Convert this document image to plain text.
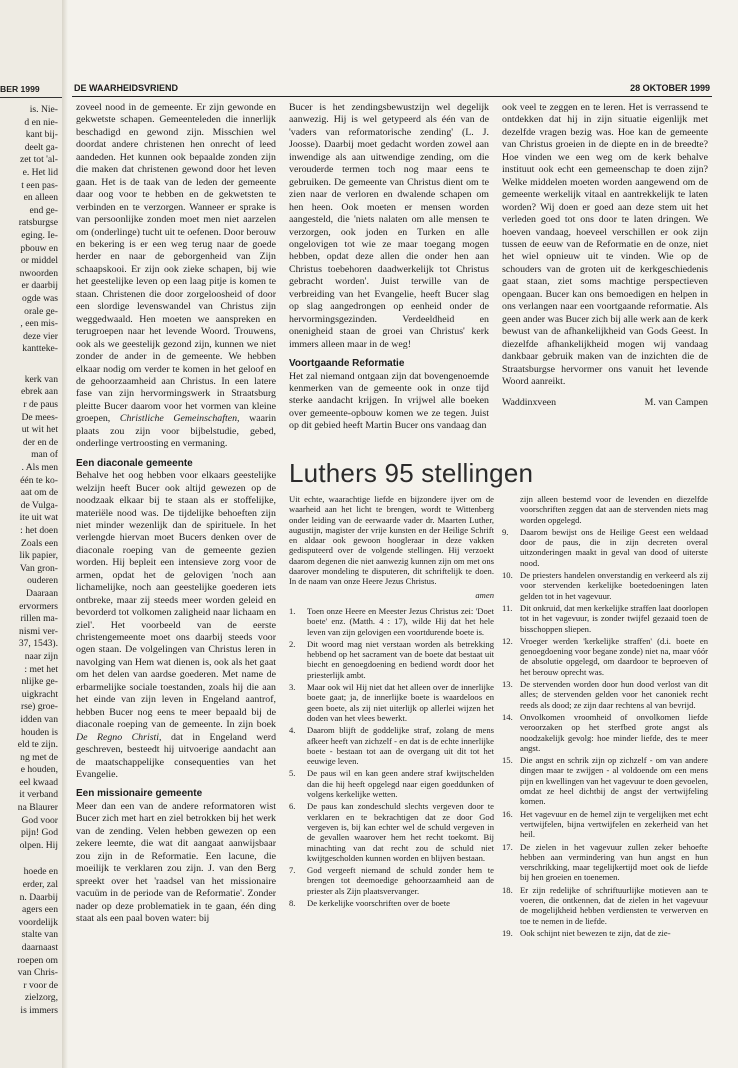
BER 1999

is. Nie-

d en nie-

kant bij-

deelt ga-

zet tot 'al-

e. Het lid

t een pas-

en alleen

end ge-

ratsburgse

eging. Ie-

pbouw en

or middel

nwoorden

er daarbij

ogde was

orale ge-

, een mis-

deze vier

kantteke-

kerk van

ebrek aan

r de paus

De mees-

ut wit het

der en de

man of

. Als men

één te ko-

aat om de

de Vulga-

ite uit wat

: het doen

Zoals een

lik papier,

Van gron-

ouderen

Daaraan

ervormers

rillen ma-

nismi ver-

37, 1543).

naar zijn

: met het

nlijke ge-

uigkracht

rse) groe-

idden van

houden is

eld te zijn.

ng met de

e houden,

eel kwaad

it verband

na Blaurer

God voor

pijn! God

olpen. Hij

hoede en

erder, zal

n. Daarbij

agers een

voordelijk

stalte van

daarnaast

roepen om

van Chris-

r voor de

zielzorg,

is immers

DE WAARHEIDSVRIEND	28 OKTOBER 1999

zoveel nood in de gemeente. Er zijn gewonde en gekwetste schapen. Gemeenteleden die innerlijk beschadigd en gewond zijn. Misschien wel doordat andere christenen hen onrecht of leed aandeden. Het kunnen ook bepaalde zonden zijn die maken dat christenen gewond door het leven gaan. Het is de taak van de leden der gemeente daar oog voor te hebben en de gekwetsten te verbinden en te verzorgen. Wanneer er sprake is van persoonlijke zonden moet men niet aarzelen om (onderlinge) tucht uit te oefenen. Door berouw en bekering is er een weg terug naar de goede herder en naar de geborgenheid van Zijn schaapskooi. Er zijn ook zieke schapen, bij wie het geestelijke leven op een laag pitje is komen te staan. Christenen die door zorgeloosheid of door een slordige levenswandel van Christus zijn weggedwaald. Hen moeten we aanspreken en terugroepen naar het levende Woord. Trouwens, ook als we geestelijk gezond zijn, kunnen we niet zonder de ander in de gemeente. We hebben elkaar nodig om verder te komen in het geloof en de gehoorzaamheid aan Christus. In een latere fase van zijn hervormingswerk in Straatsburg pleitte Bucer daarom voor het vormen van kleine groepen, Christliche Gemeinschaften, waarin plaats zou zijn voor bijbelstudie, gebed, onderlinge vertroosting en vermaning.

Een diaconale gemeente

Behalve het oog hebben voor elkaars geestelijke welzijn heeft Bucer ook altijd gewezen op de noodzaak elkaar bij te staan als er stoffelijke, materiële nood was. De tijdelijke behoeften zijn niet minder wezenlijk dan de spirituele. In het verlengde hiervan moet Bucers denken over de diaconale roeping van de gemeente gezien worden. Hij bepleit een intensieve zorg voor de armen, opdat het de gelovigen 'noch aan lichamelijke, noch aan geestelijke goederen iets ontbreke, maar zij steeds meer worden geleid en bevorderd tot volkomen zaligheid naar lichaam en ziel'. Het voorbeeld van de eerste christengemeente moet ons daarbij steeds voor ogen staan. De volgelingen van Christus leren in navolging van Hem wat dienen is, ook als het gaat om het delen van aardse goederen. Met name de erbarmelijke sociale toestanden, zoals hij die aan het einde van zijn leven in Engeland aantrof, hebben Bucer nog eens te meer bepaald bij de diaconale roeping van de gemeente. In zijn boek De Regno Christi, dat in Engeland werd geschreven, besteedt hij uitvoerige aandacht aan de maatschappelijke consequenties van het Evangelie.

Een missionaire gemeente

Meer dan een van de andere reformatoren wist Bucer zich met hart en ziel betrokken bij het werk van de zending. Velen hebben gewezen op een zekere leemte, die wat dit aangaat aanwijsbaar zou zijn in de Reformatie. Een lacune, die moeilijk te verklaren zou zijn. J. van den Berg spreekt over het 'raadsel van het missionaire vacuüm in de periode van de Reformatie'. Zonder nader op deze problematiek in te gaan, één ding staat als een paal boven water: bij

Bucer is het zendingsbewustzijn wel degelijk aanwezig. Hij is wel getypeerd als één van de 'vaders van reformatorische zending' (L. J. Joosse). Daarbij moet gedacht worden zowel aan inwendige als aan uitwendige zending, om die verouderde termen toch nog maar eens te gebruiken. De gemeente van Christus dient om te zien naar de verloren en dwalende schapen om hen heen. Ook moeten er mensen worden aangesteld, die 'niets nalaten om alle mensen te verzorgen, ook joden en Turken en alle ongelovigen tot wie ze maar toegang mogen hebben, opdat deze allen die onder hen aan Christus toebehoren daadwerkelijk tot Christus gebracht worden'. Juist terwille van de verbreiding van het Evangelie, heeft Bucer slag op slag aangedrongen op eenheid onder de hervormingsgezinden. Verdeeldheid en onenigheid staan de groei van Christus' kerk immers alleen maar in de weg!

Voortgaande Reformatie

Het zal niemand ontgaan zijn dat bovengenoemde kenmerken van de gemeente ook in onze tijd sterke aandacht krijgen. In vrijwel alle boeken over gemeente-opbouw komen we ze tegen. Juist op dit gebied heeft Martin Bucer ons vandaag dan

ook veel te zeggen en te leren. Het is verrassend te ontdekken dat hij in zijn situatie eigenlijk met dezelfde vragen bezig was. Hoe kan de gemeente van Christus groeien in de diepte en in de breedte? Hoe vinden we een weg om de kerk behalve instituut ook echt een gemeenschap te doen zijn? Welke middelen moeten worden aangewend om de gemeente werkelijk vitaal en aantrekkelijk te laten worden? Wij doen er goed aan deze stem uit het verleden goed tot ons door te laten dringen. We hoeven vandaag, hoeveel verschillen er ook zijn tussen de eeuw van de Reformatie en de onze, niet het wiel opnieuw uit te vinden. Wie op de schouders van de groten uit de kerkgeschiedenis gaat staan, ziet soms machtige perspectieven opengaan. Bucer kan ons bemoedigen en helpen in ons verlangen naar een voortgaande reformatie. Als geen ander was Bucer zich bij alle werk aan de kerk bewust van de afhankelijkheid van Gods Geest. In diezelfde afhankelijkheid mogen wij vandaag dankbaar gebruik maken van de inzichten die de Straatsburgse hervormer ons vanuit het levende Woord aanreikt.

Waddinxveen	M. van Campen
Luthers 95 stellingen

Uit echte, waarachtige liefde en bijzondere ijver om de waarheid aan het licht te brengen, wordt te Wittenberg onder leiding van de eerwaarde vader dr. Maarten Luther, augustijn, magister der vrije kunsten en der Heilige Schrift en aldaar ook gewoon hoogleraar in deze vakken gedisputeerd over de volgende stellingen. Hij verzoekt daarom degenen die niet aanwezig kunnen zijn om met ons daarover mondeling te disputeren, dit schriftelijk te doen. In de naam van onze Heere Jezus Christus.

amen
1.	Toen onze Heere en Meester Jezus Christus zei: 'Doet boete' enz. (Matth. 4 : 17), wilde Hij dat het hele leven van zijn gelovigen een voortdurende boete is.
2.	Dit woord mag niet verstaan worden als betrekking hebbend op het sacrament van de boete dat bestaat uit biecht en genoegdoening en bediend wordt door het priesterlijk ambt.
3.	Maar ook wil Hij niet dat het alleen over de innerlijke boete gaat; ja, de innerlijke boete is waardeloos en geen boete, als zij niet uiterlijk op allerlei wijzen het doden van het vlees bewerkt.
4.	Daarom blijft de goddelijke straf, zolang de mens afkeer heeft van zichzelf - en dat is de echte innerlijke boete - bestaan tot aan de overgang uit dit tot het eeuwige leven.
5.	De paus wil en kan geen andere straf kwijtschelden dan die hij heeft opgelegd naar eigen goeddunken of volgens kerkelijke wetten.
6.	De paus kan zondeschuld slechts vergeven door te verklaren en te bekrachtigen dat ze door God vergeven is, bij kan echter wel de schuld vergeven in de gevallen waarover hem het recht toekomt. Bij minachting van dat recht zou de schuld niet kwijtgescholden kunnen worden en blijven bestaan.
7.	God vergeeft niemand de schuld zonder hem te brengen tot deemoedige gehoorzaamheid aan de priester als Zijn plaatsvervanger.
8.	De kerkelijke voorschriften over de boete
zijn alleen bestemd voor de levenden en diezelfde voorschriften zeggen dat aan de stervenden niets mag worden opgelegd.
9.	Daarom bewijst ons de Heilige Geest een weldaad door de paus, die in zijn decreten overal uitzonderingen maakt in geval van dood of uiterste nood.
10. De priesters handelen onverstandig en verkeerd als zij voor stervenden kerkelijke boetedoeningen laten gelden tot in het vagevuur.
11. Dit onkruid, dat men kerkelijke straffen laat doorlopen tot in het vagevuur, is zonder twijfel gezaaid toen de bisschoppen sliepen.
12. Vroeger werden 'kerkelijke straffen' (d.i. boete en genoegdoening voor begane zonde) niet na, maar vóór de absolutie opgelegd, om daardoor te beproeven of het berouw oprecht was.
13. De stervenden worden door hun dood verlost van dit alles; de stervenden gelden voor het canoniek recht reeds als dood; ze zijn daar rechtens al van bevrijd.
14. Onvolkomen vroomheid of onvolkomen liefde veroorzaken op het sterfbed grote angst als noodzakelijk gevolg: hoe minder liefde, des te meer angst.
15. Die angst en schrik zijn op zichzelf - om van andere dingen maar te zwijgen - al voldoende om een mens pijn en kwellingen van het vagevuur te doen gevoelen, omdat ze heel dichtbij de angst der vertwijfeling komen.
16. Het vagevuur en de hemel zijn te vergelijken met echt vertwijfelen, bijna vertwijfelen en zekerheid van het heil.
17. De zielen in het vagevuur zullen zeker behoefte hebben aan vermindering van hun angst en hun verschrikking, maar tegelijkertijd moet ook de liefde bij hen groeien en toenemen.
18. Er zijn redelijke of schriftuurlijke motieven aan te voeren, die ontkennen, dat de zielen in het vagevuur de mogelijkheid hebben verdiensten te verwerven en toe te nemen in de liefde.
19. Ook schijnt niet bewezen te zijn, dat de zie-
